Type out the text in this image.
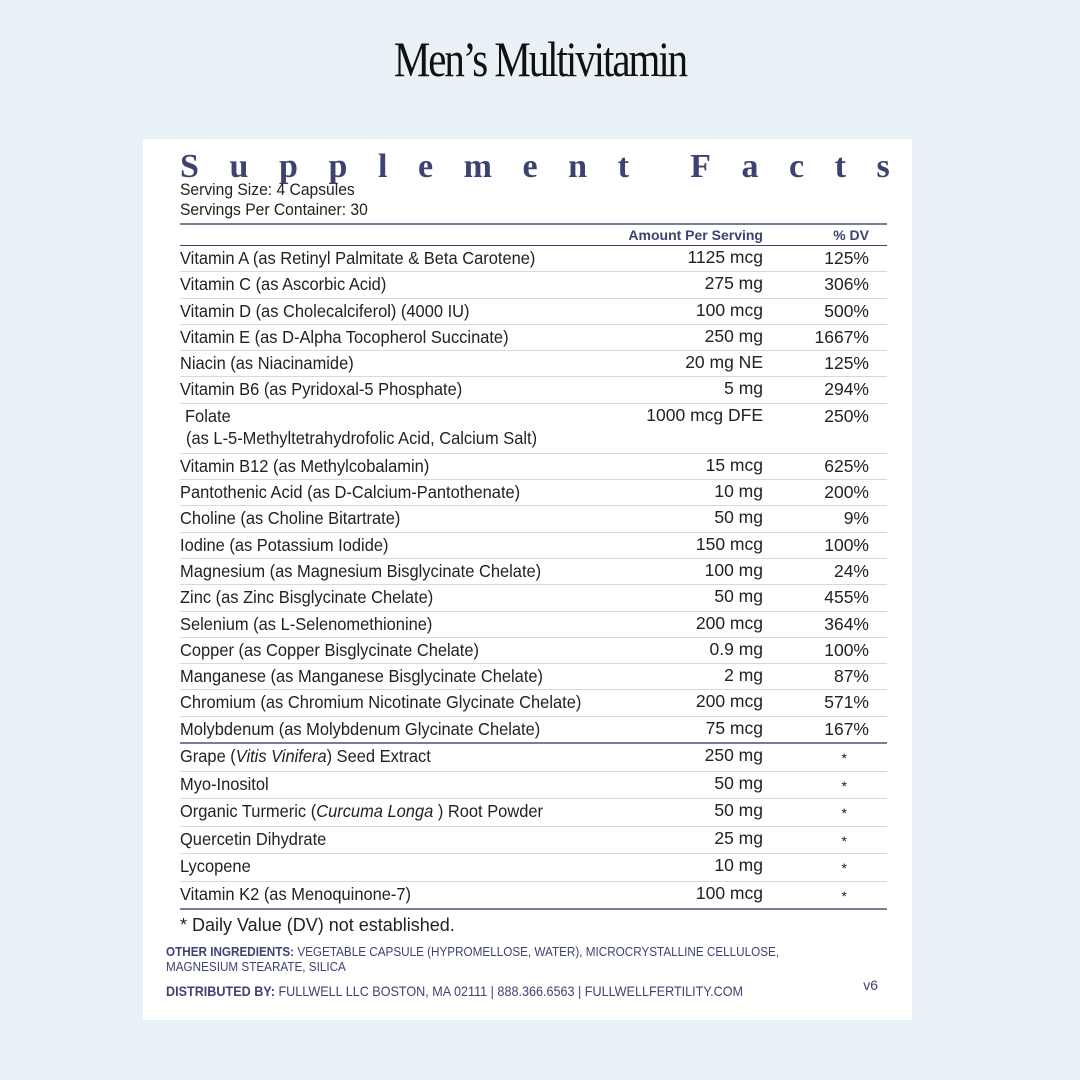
Men’s Multivitamin
S u p p l e m e n t F a c t s
Serving Size: 4 Capsules
Servings Per Container: 30
Amount Per Serving	% DV
Vitamin A (as Retinyl Palmitate & Beta Carotene)	1125 mcg	125%
Vitamin C (as Ascorbic Acid)	275 mg	306%
Vitamin D (as Cholecalciferol) (4000 IU)	100 mcg	500%
Vitamin E (as D-Alpha Tocopherol Succinate)	250 mg	1667%
Niacin (as Niacinamide)	20 mg NE	125%
Vitamin B6 (as Pyridoxal-5 Phosphate)	5 mg	294%
Folate
(as L-5-Methyltetrahydrofolic Acid, Calcium Salt)
1000 mcg DFE	250%
Vitamin B12 (as Methylcobalamin)	15 mcg	625%
Pantothenic Acid (as D-Calcium-Pantothenate)	10 mg	200%
Choline (as Choline Bitartrate)	50 mg	9%
Iodine (as Potassium Iodide)	150 mcg	100%
Magnesium (as Magnesium Bisglycinate Chelate)	100 mg	24%
Zinc (as Zinc Bisglycinate Chelate)	50 mg	455%
Selenium (as L-Selenomethionine)	200 mcg	364%
Copper (as Copper Bisglycinate Chelate)	0.9 mg	100%
Manganese (as Manganese Bisglycinate Chelate)	2 mg	87%
Chromium (as Chromium Nicotinate Glycinate Chelate)	200 mcg	571%
Molybdenum (as Molybdenum Glycinate Chelate)	75 mcg	167%
Grape (Vitis Vinifera) Seed Extract	250 mg	*
Myo-Inositol	50 mg	*
Organic Turmeric (Curcuma Longa ) Root Powder	50 mg	*
Quercetin Dihydrate	25 mg	*
Lycopene	10 mg	*
Vitamin K2 (as Menoquinone-7)	100 mcg	*
* Daily Value (DV) not established.
OTHER INGREDIENTS: VEGETABLE CAPSULE (HYPROMELLOSE, WATER), MICROCRYSTALLINE CELLULOSE, MAGNESIUM STEARATE, SILICA
DISTRIBUTED BY: FULLWELL LLC BOSTON, MA 02111 | 888.366.6563 | FULLWELLFERTILITY.COM	v6
